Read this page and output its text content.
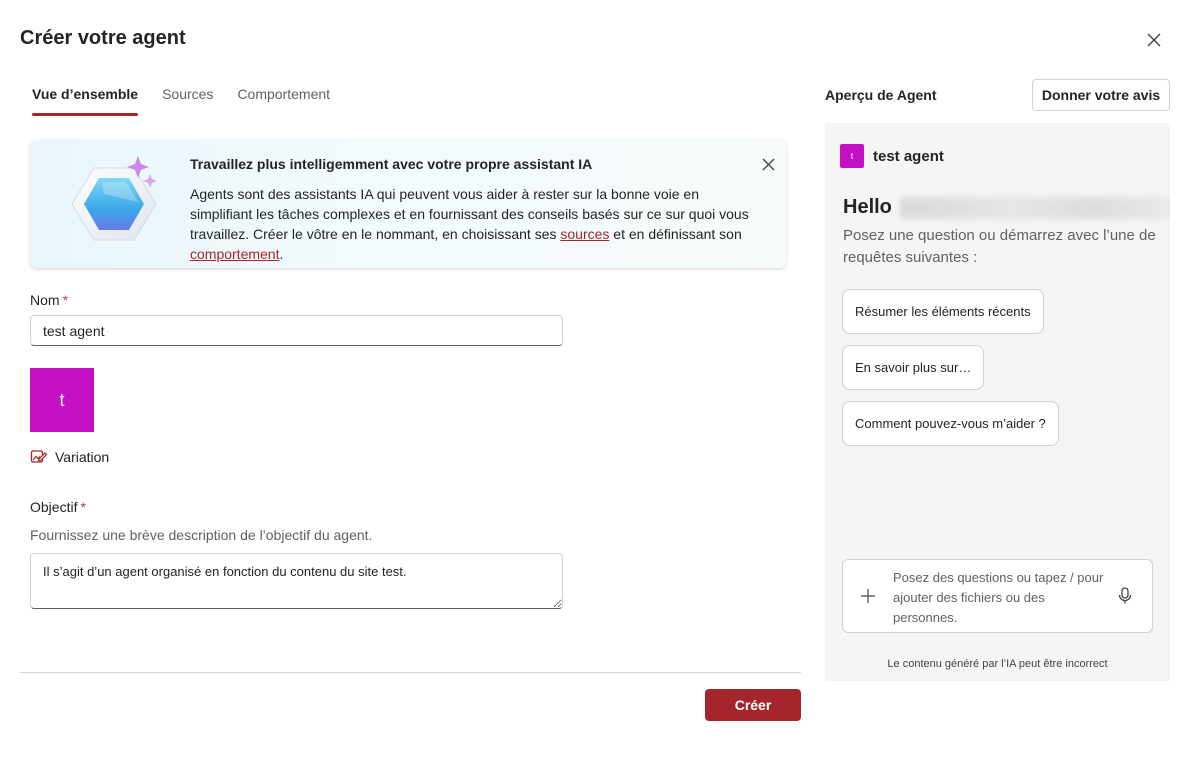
Créer votre agent
Vue d’ensemble	Sources	Comportement
Travaillez plus intelligemment avec votre propre assistant IA
Agents sont des assistants IA qui peuvent vous aider à rester sur la bonne voie en simplifiant les tâches complexes et en fournissant des conseils basés sur ce sur quoi vous travaillez. Créer le vôtre en le nommant, en choisissant ses sources et en définissant son comportement.
Nom *
test agent
t
Variation
Objectif *
Fournissez une brève description de l’objectif du agent.
Il s’agit d’un agent organisé en fonction du contenu du site test.
Créer
Aperçu de Agent	Donner votre avis
t	test agent
Hello
Posez une question ou démarrez avec l’une de requêtes suivantes :
Résumer les éléments récents
En savoir plus sur…
Comment pouvez-vous m’aider ?
Posez des questions ou tapez / pour ajouter des fichiers ou des personnes.
Le contenu généré par l’IA peut être incorrect
